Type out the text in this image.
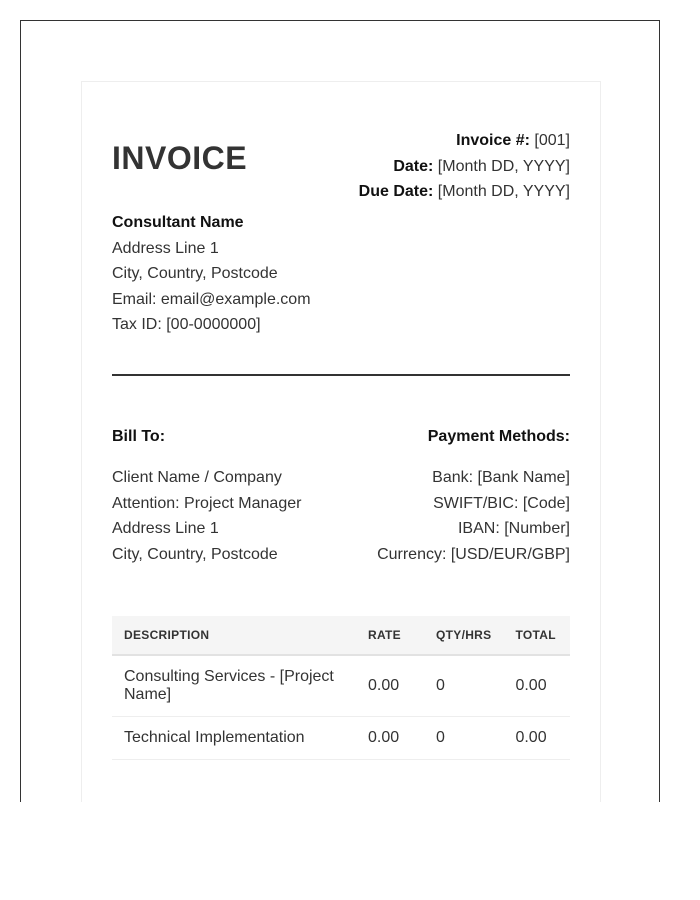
INVOICE	Invoice #: [001]
Date: [Month DD, YYYY]
Due Date: [Month DD, YYYY]
Consultant Name
Address Line 1
City, Country, Postcode
Email: email@example.com
Tax ID: [00-0000000]
Bill To:
Client Name / Company
Attention: Project Manager
Address Line 1
City, Country, Postcode
Payment Methods:
Bank: [Bank Name]
SWIFT/BIC: [Code]
IBAN: [Number]
Currency: [USD/EUR/GBP]
DESCRIPTION	RATE	QTY/HRS	TOTAL
Consulting Services - [Project Name]	0.00	0	0.00
Technical Implementation	0.00	0	0.00
